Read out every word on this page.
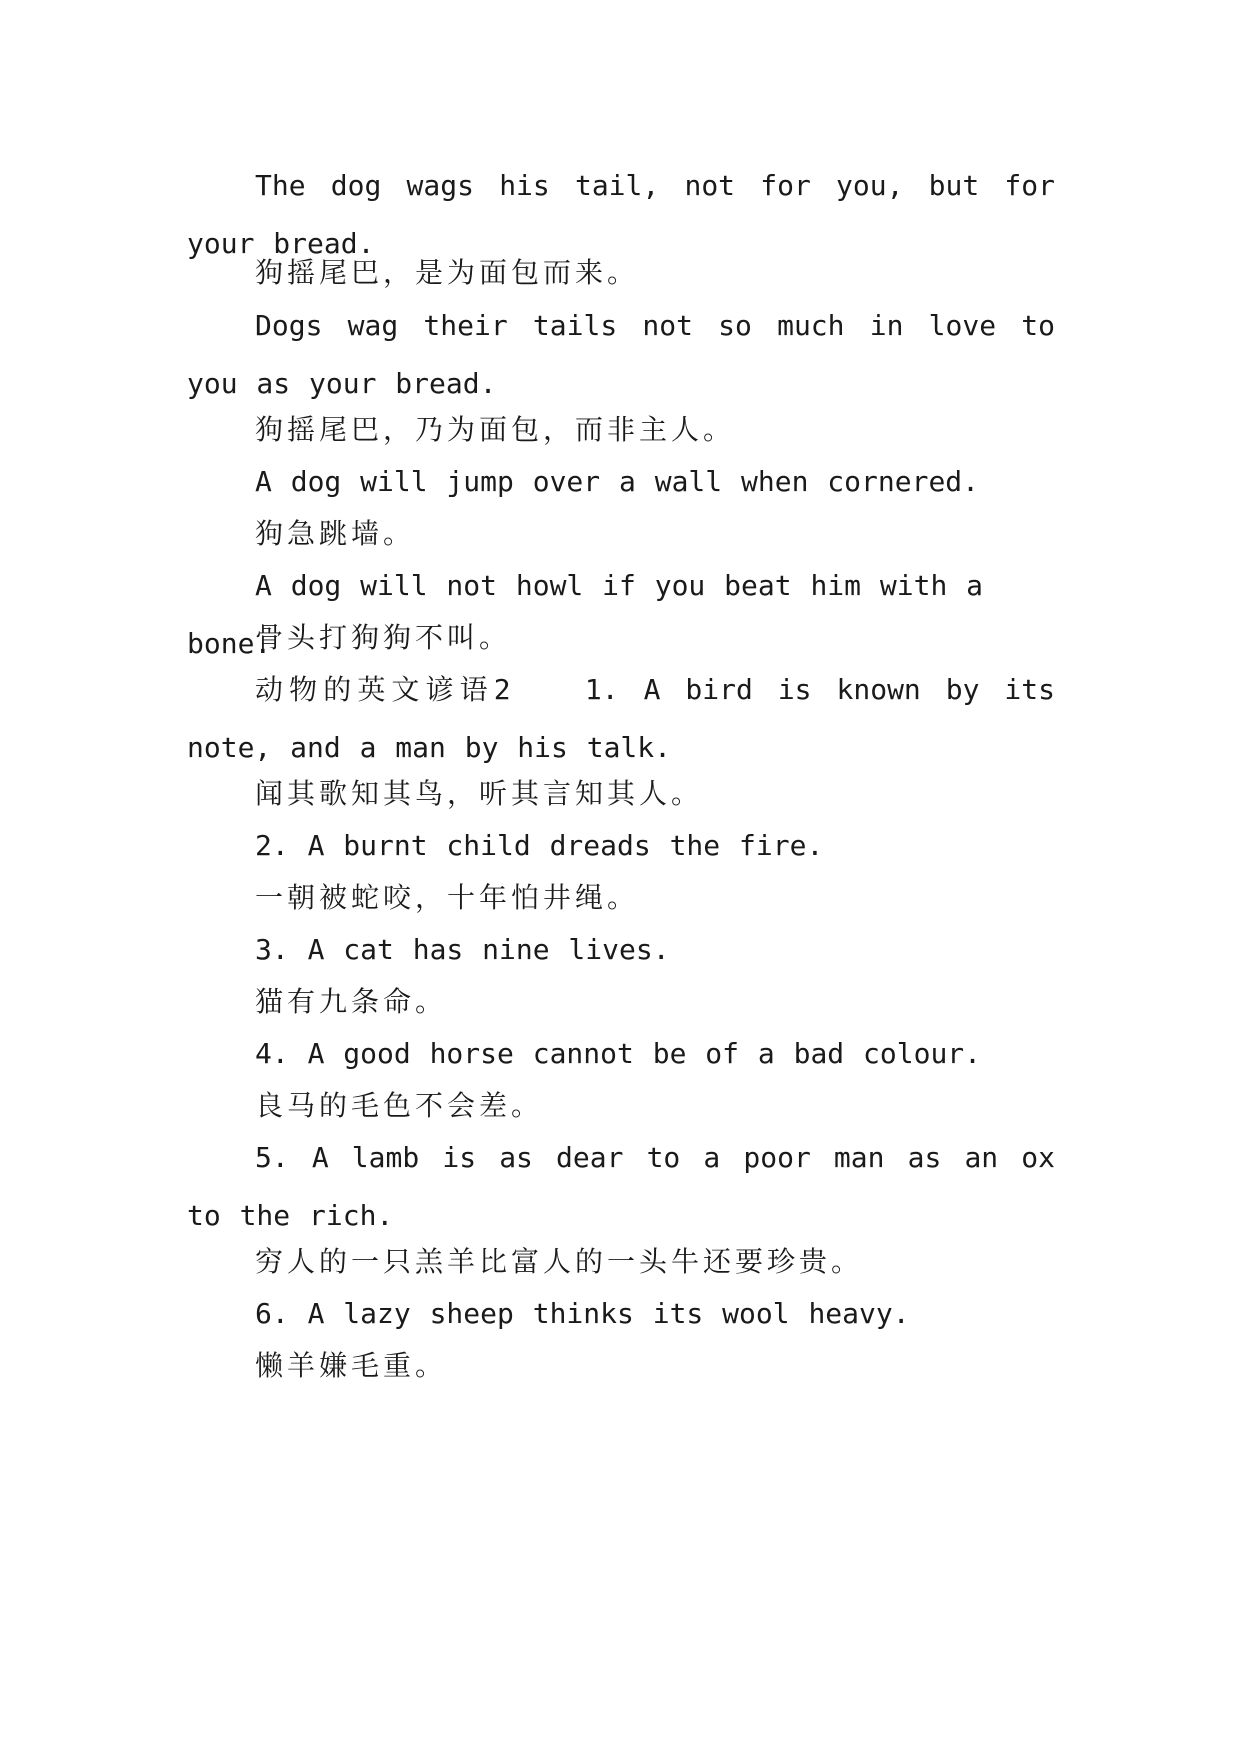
The dog wags his tail, not for you, but for your bread.

狗摇尾巴，是为面包而来。

Dogs wag their tails not so much in love to you as your bread.

狗摇尾巴，乃为面包，而非主人。

A dog will jump over a wall when cornered.

狗急跳墙。

A dog will not howl if you beat him with a bone.

骨头打狗狗不叫。

动物的英文谚语2　　1. A bird is known by its note, and a man by his talk.

闻其歌知其鸟，听其言知其人。

2. A burnt child dreads the fire.

一朝被蛇咬，十年怕井绳。

3. A cat has nine lives.

猫有九条命。

4. A good horse cannot be of a bad colour.

良马的毛色不会差。

5. A lamb is as dear to a poor man as an ox to the rich.

穷人的一只羔羊比富人的一头牛还要珍贵。

6. A lazy sheep thinks its wool heavy.

懒羊嫌毛重。
